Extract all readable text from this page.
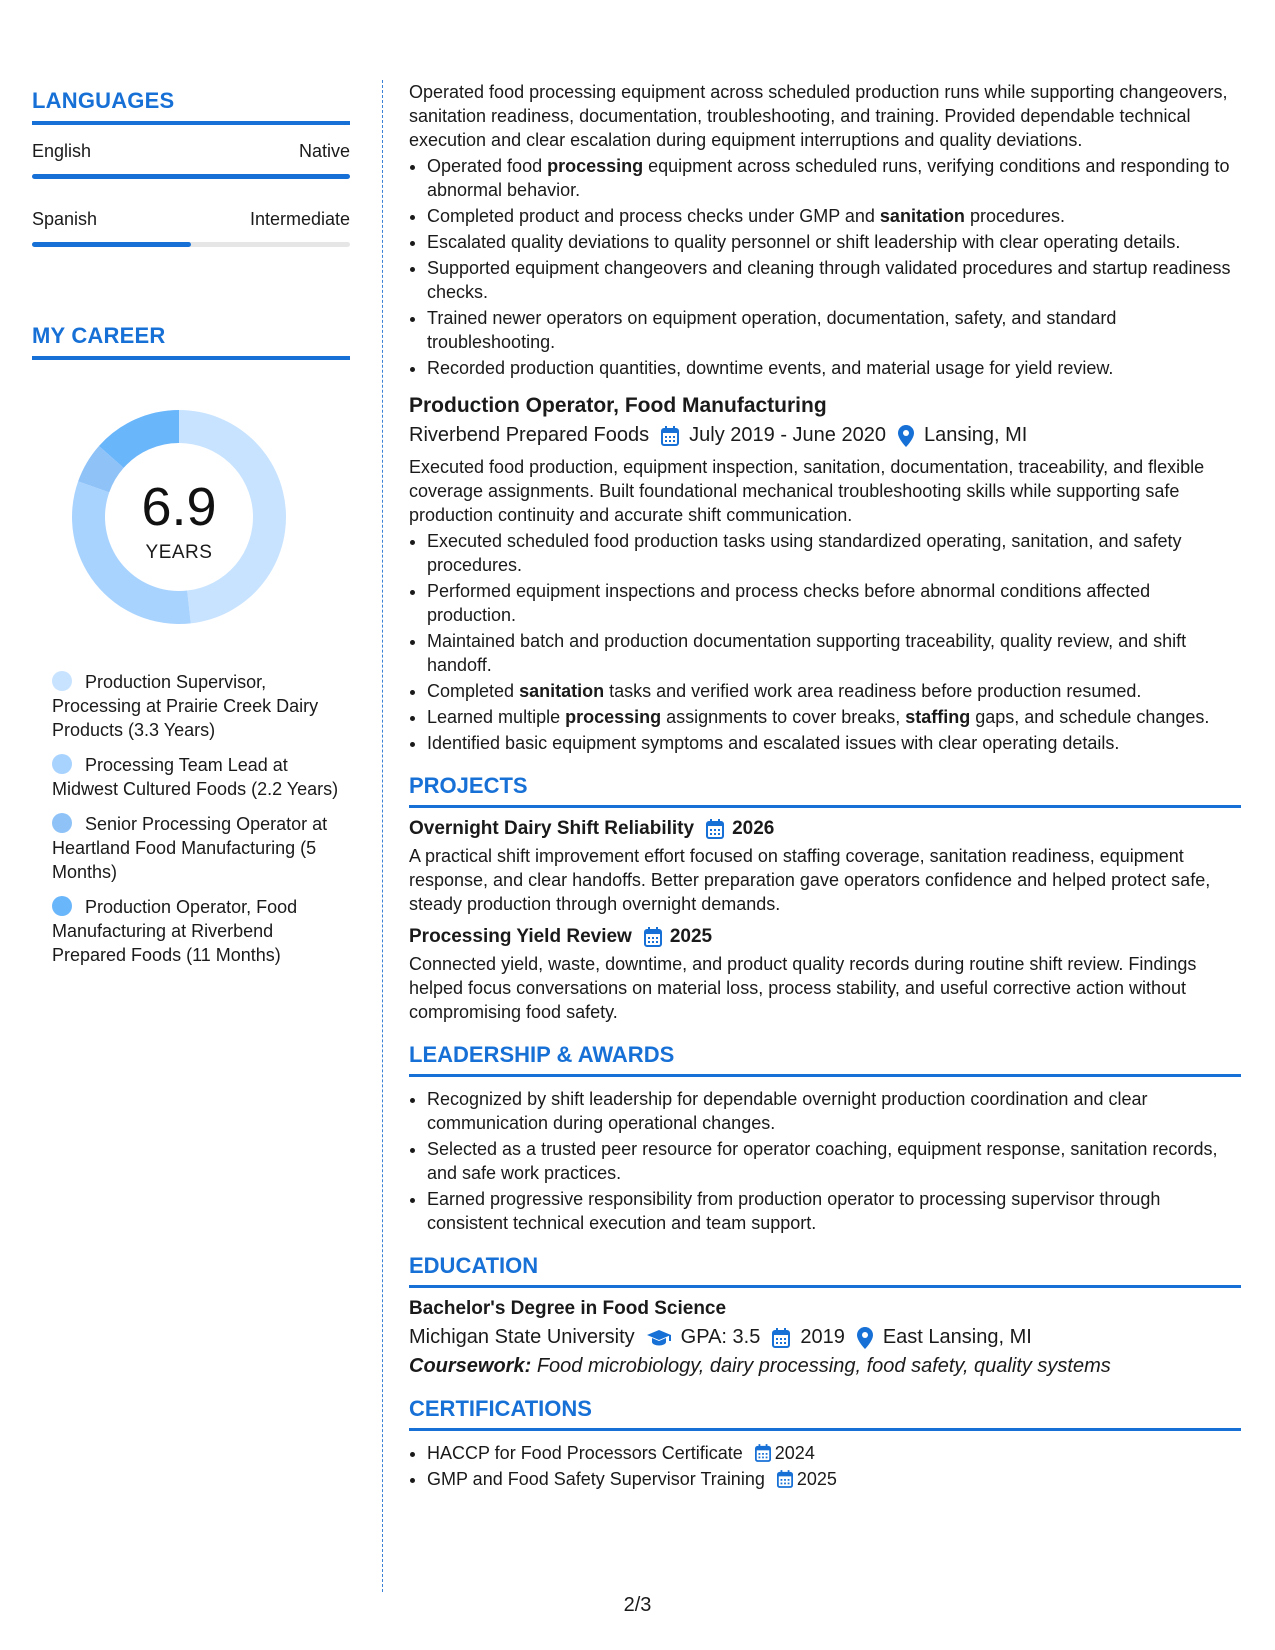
LANGUAGES
English	Native
Spanish	Intermediate
MY CAREER
6.9
YEARS
Production Supervisor, Processing at Prairie Creek Dairy Products (3.3 Years)
Processing Team Lead at Midwest Cultured Foods (2.2 Years)
Senior Processing Operator at Heartland Food Manufacturing (5 Months)
Production Operator, Food Manufacturing at Riverbend Prepared Foods (11 Months)

Operated food processing equipment across scheduled production runs while supporting changeovers, sanitation readiness, documentation, troubleshooting, and training. Provided dependable technical execution and clear escalation during equipment interruptions and quality deviations.

• Operated food processing equipment across scheduled runs, verifying conditions and responding to abnormal behavior.
• Completed product and process checks under GMP and sanitation procedures.
• Escalated quality deviations to quality personnel or shift leadership with clear operating details.
• Supported equipment changeovers and cleaning through validated procedures and startup readiness checks.
• Trained newer operators on equipment operation, documentation, safety, and standard troubleshooting.
• Recorded production quantities, downtime events, and material usage for yield review.
Production Operator, Food Manufacturing
Riverbend Prepared Foods July 2019 - June 2020 Lansing, MI

Executed food production, equipment inspection, sanitation, documentation, traceability, and flexible coverage assignments. Built foundational mechanical troubleshooting skills while supporting safe production continuity and accurate shift communication.

• Executed scheduled food production tasks using standardized operating, sanitation, and safety procedures.
• Performed equipment inspections and process checks before abnormal conditions affected production.
• Maintained batch and production documentation supporting traceability, quality review, and shift handoff.
• Completed sanitation tasks and verified work area readiness before production resumed.
• Learned multiple processing assignments to cover breaks, staffing gaps, and schedule changes.
• Identified basic equipment symptoms and escalated issues with clear operating details.
PROJECTS
Overnight Dairy Shift Reliability 2026

A practical shift improvement effort focused on staffing coverage, sanitation readiness, equipment response, and clear handoffs. Better preparation gave operators confidence and helped protect safe, steady production through overnight demands.

Processing Yield Review 2025

Connected yield, waste, downtime, and product quality records during routine shift review. Findings helped focus conversations on material loss, process stability, and useful corrective action without compromising food safety.

LEADERSHIP & AWARDS
• Recognized by shift leadership for dependable overnight production coordination and clear communication during operational changes.
• Selected as a trusted peer resource for operator coaching, equipment response, sanitation records, and safe work practices.
• Earned progressive responsibility from production operator to processing supervisor through consistent technical execution and team support.
EDUCATION
Bachelor's Degree in Food Science
Michigan State University GPA: 3.5 2019 East Lansing, MI
Coursework: Food microbiology, dairy processing, food safety, quality systems
CERTIFICATIONS
• HACCP for Food Processors Certificate 2024
• GMP and Food Safety Supervisor Training 2025
2/3
